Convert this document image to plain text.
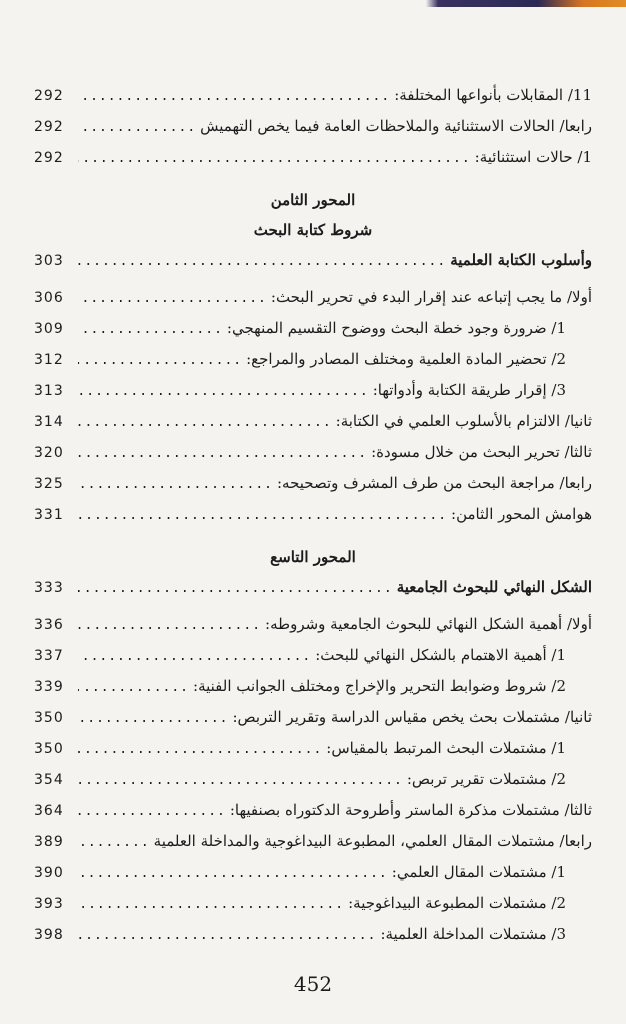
11/ المقابلات بأنواعها المختلفة:
.....
292
رابعا/ الحالات الاستثنائية والملاحظات العامة فيما يخص التهميش
.....
292
1/ حالات استثنائية:
.....
292
المحور الثامن
شروط كتابة البحث
وأسلوب الكتابة العلمية
.....
303
أولا/ ما يجب إتباعه عند إقرار البدء في تحرير البحث:
.....
306
1/ ضرورة وجود خطة البحث ووضوح التقسيم المنهجي:
.....
309
2/ تحضير المادة العلمية ومختلف المصادر والمراجع:
.....
312
3/ إقرار طريقة الكتابة وأدواتها:
.....
313
ثانيا/ الالتزام بالأسلوب العلمي في الكتابة:
.....
314
ثالثا/ تحرير البحث من خلال مسودة:
.....
320
رابعا/ مراجعة البحث من طرف المشرف وتصحيحه:
.....
325
هوامش المحور الثامن:
.....
331
المحور التاسع
الشكل النهائي للبحوث الجامعية
.....
333
أولا/ أهمية الشكل النهائي للبحوث الجامعية وشروطه:
.....
336
1/ أهمية الاهتمام بالشكل النهائي للبحث:
.....
337
2/ شروط وضوابط التحرير والإخراج ومختلف الجوانب الفنية:
.....
339
ثانيا/ مشتملات بحث يخص مقياس الدراسة وتقرير التربص:
.....
350
1/ مشتملات البحث المرتبط بالمقياس:
.....
350
2/ مشتملات تقرير تربص:
.....
354
ثالثا/ مشتملات مذكرة الماستر وأطروحة الدكتوراه بصنفيها:
.....
364
رابعا/ مشتملات المقال العلمي، المطبوعة البيداغوجية والمداخلة العلمية
.....
389
1/ مشتملات المقال العلمي:
.....
390
2/ مشتملات المطبوعة البيداغوجية:
.....
393
3/ مشتملات المداخلة العلمية:
.....
398
452
